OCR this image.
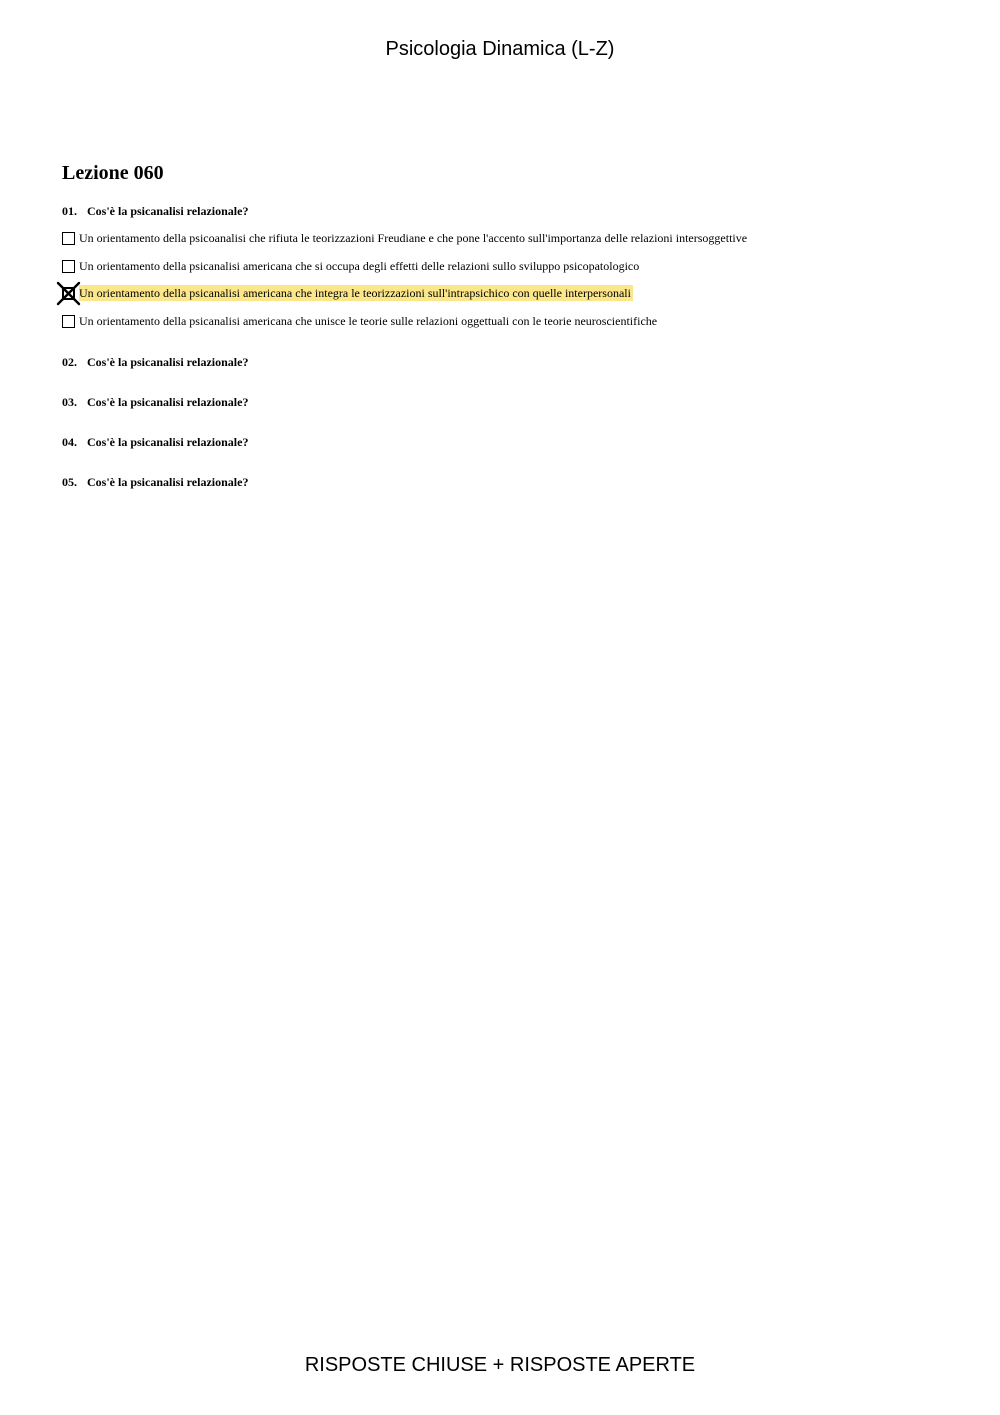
Psicologia Dinamica (L-Z)
Lezione 060
01. Cos'è la psicanalisi relazionale?
Un orientamento della psicoanalisi che rifiuta le teorizzazioni Freudiane e che pone l'accento sull'importanza delle relazioni intersoggettive
Un orientamento della psicanalisi americana che si occupa degli effetti delle relazioni sullo sviluppo psicopatologico
Un orientamento della psicanalisi americana che integra le teorizzazioni sull'intrapsichico con quelle interpersonali
Un orientamento della psicanalisi americana che unisce le teorie sulle relazioni oggettuali con le teorie neuroscientifiche
02. Cos'è la psicanalisi relazionale?
03. Cos'è la psicanalisi relazionale?
04. Cos'è la psicanalisi relazionale?
05. Cos'è la psicanalisi relazionale?
RISPOSTE CHIUSE + RISPOSTE APERTE
